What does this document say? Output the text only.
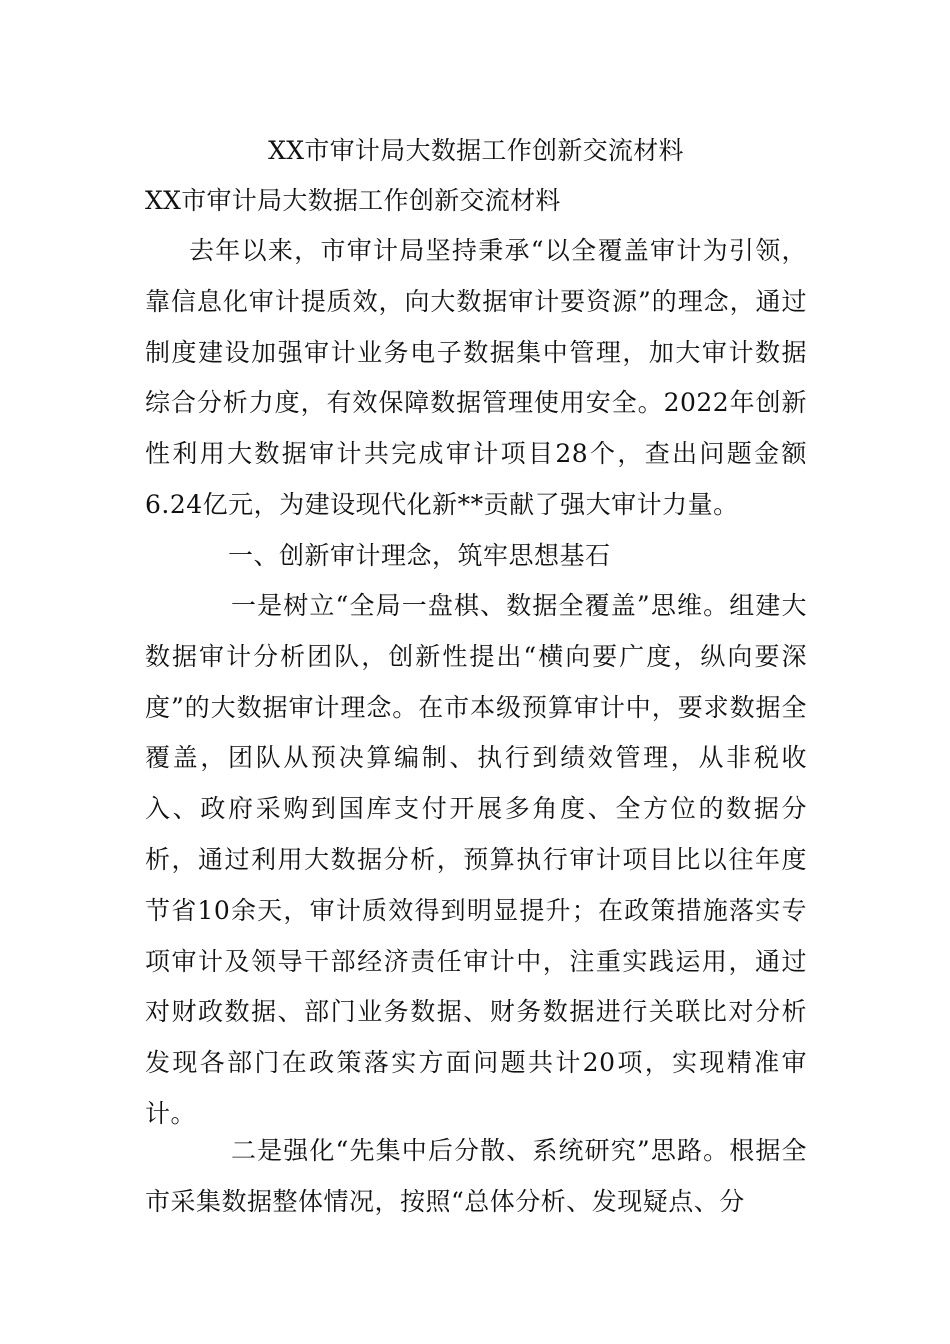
XX市审计局大数据工作创新交流材料
XX市审计局大数据工作创新交流材料

去年以来，市审计局坚持秉承“以全覆盖审计为引领，靠信息化审计提质效，向大数据审计要资源”的理念，通过制度建设加强审计业务电子数据集中管理，加大审计数据综合分析力度，有效保障数据管理使用安全。2022年创新性利用大数据审计共完成审计项目28个，查出问题金额6.24亿元，为建设现代化新**贡献了强大审计力量。

一、创新审计理念，筑牢思想基石

一是树立“全局一盘棋、数据全覆盖”思维。组建大数据审计分析团队，创新性提出“横向要广度，纵向要深度”的大数据审计理念。在市本级预算审计中，要求数据全覆盖，团队从预决算编制、执行到绩效管理，从非税收入、政府采购到国库支付开展多角度、全方位的数据分析，通过利用大数据分析，预算执行审计项目比以往年度节省10余天，审计质效得到明显提升；在政策措施落实专项审计及领导干部经济责任审计中，注重实践运用，通过对财政数据、部门业务数据、财务数据进行关联比对分析发现各部门在政策落实方面问题共计20项，实现精准审计。

二是强化“先集中后分散、系统研究”思路。根据全市采集数据整体情况，按照“总体分析、发现疑点、分
